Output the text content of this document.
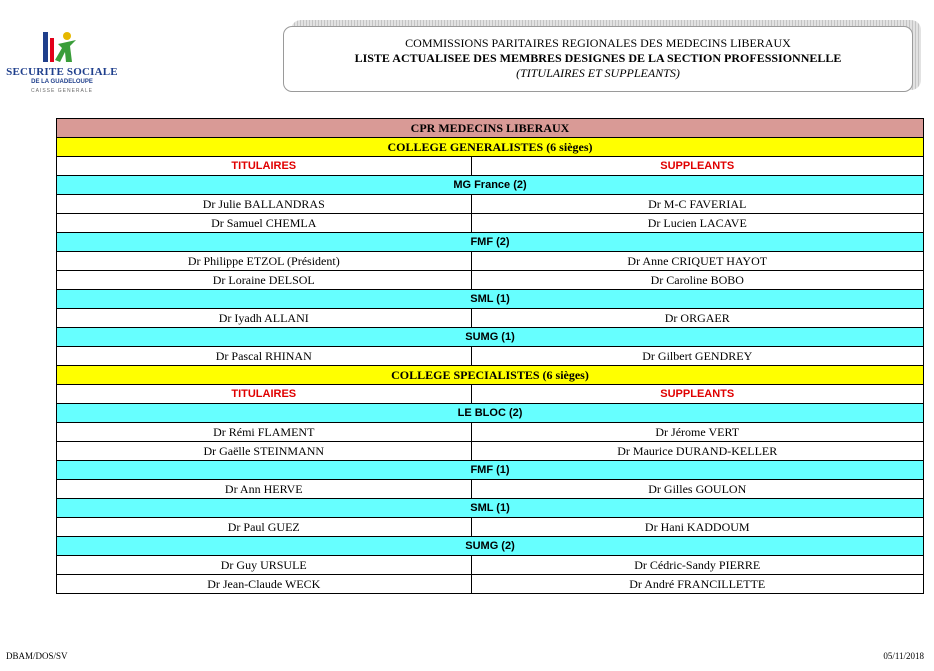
SECURITE SOCIALE
DE LA GUADELOUPE
CAISSE GENERALE
COMMISSIONS PARITAIRES REGIONALES DES MEDECINS LIBERAUX
LISTE ACTUALISEE DES MEMBRES DESIGNES DE LA SECTION PROFESSIONNELLE
(TITULAIRES ET SUPPLEANTS)
CPR MEDECINS LIBERAUX	
COLLEGE GENERALISTES (6 sièges)	
TITULAIRES	SUPPLEANTS
MG France (2)	
Dr Julie BALLANDRAS	Dr M-C FAVERIAL
Dr Samuel CHEMLA	Dr Lucien LACAVE
FMF (2)	
Dr Philippe ETZOL (Président)	Dr Anne CRIQUET HAYOT
Dr Loraine DELSOL	Dr Caroline BOBO
SML (1)	
Dr Iyadh ALLANI	Dr ORGAER
SUMG (1)	
Dr Pascal RHINAN	Dr Gilbert GENDREY
COLLEGE SPECIALISTES (6 sièges)	
TITULAIRES	SUPPLEANTS
LE BLOC (2)	
Dr Rémi FLAMENT	Dr Jérome VERT
Dr Gaëlle STEINMANN	Dr Maurice DURAND-KELLER
FMF (1)	
Dr Ann HERVE	Dr Gilles GOULON
SML (1)	
Dr Paul GUEZ	Dr Hani KADDOUM
SUMG (2)	
Dr Guy URSULE	Dr Cédric-Sandy PIERRE
Dr Jean-Claude WECK	Dr André FRANCILLETTE
DBAM/DOS/SV	05/11/2018
